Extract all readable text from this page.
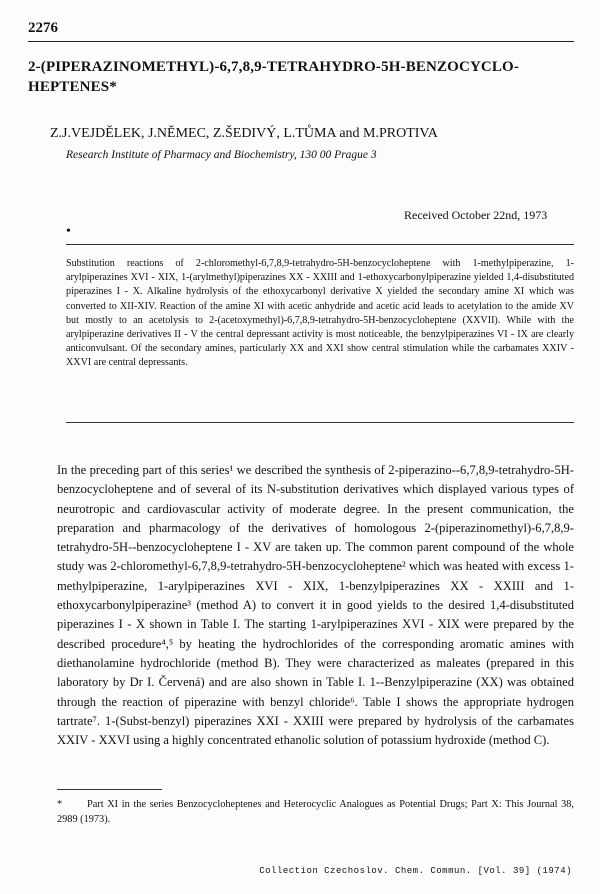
2276
2-(PIPERAZINOMETHYL)-6,7,8,9-TETRAHYDRO-5H-BENZOCYCLO-HEPTENES*
Z.J.VEJDĚLEK, J.NĚMEC, Z.ŠEDIVÝ, L.TŮMA and M.PROTIVA
Research Institute of Pharmacy and Biochemistry, 130 00 Prague 3
Received October 22nd, 1973
•
Substitution reactions of 2-chloromethyl-6,7,8,9-tetrahydro-5H-benzocycloheptene with 1-methylpiperazine, 1-arylpiperazines XVI - XIX, 1-(arylmethyl)piperazines XX - XXIII and 1-ethoxycarbonylpiperazine yielded 1,4-disubstituted piperazines I - X. Alkaline hydrolysis of the ethoxycarbonyl derivative X yielded the secondary amine XI which was converted to XII-XIV. Reaction of the amine XI with acetic anhydride and acetic acid leads to acetylation to the amide XV but mostly to an acetolysis to 2-(acetoxymethyl)-6,7,8,9-tetrahydro-5H-benzocycloheptene (XXVII). While with the arylpiperazine derivatives II - V the central depressant activity is most noticeable, the benzylpiperazines VI - IX are clearly anticonvulsant. Of the secondary amines, particularly XX and XXI show central stimulation while the carbamates XXIV - XXVI are central depressants.

In the preceding part of this series¹ we described the synthesis of 2-piperazino--6,7,8,9-tetrahydro-5H-benzocycloheptene and of several of its N-substitution derivatives which displayed various types of neurotropic and cardiovascular activity of moderate degree. In the present communication, the preparation and pharmacology of the derivatives of homologous 2-(piperazinomethyl)-6,7,8,9-tetrahydro-5H--benzocycloheptene I - XV are taken up. The common parent compound of the whole study was 2-chloromethyl-6,7,8,9-tetrahydro-5H-benzocycloheptene² which was heated with excess 1-methylpiperazine, 1-arylpiperazines XVI - XIX, 1-benzylpiperazines XX - XXIII and 1-ethoxycarbonylpiperazine³ (method A) to convert it in good yields to the desired 1,4-disubstituted piperazines I - X shown in Table I. The starting 1-arylpiperazines XVI - XIX were prepared by the described procedure⁴,⁵ by heating the hydrochlorides of the corresponding aromatic amines with diethanolamine hydrochloride (method B). They were characterized as maleates (prepared in this laboratory by Dr I. Červená) and are also shown in Table I. 1--Benzylpiperazine (XX) was obtained through the reaction of piperazine with benzyl chloride⁶. Table I shows the appropriate hydrogen tartrate⁷. 1-(Subst-benzyl) piperazines XXI - XXIII were prepared by hydrolysis of the carbamates XXIV - XXVI using a highly concentrated ethanolic solution of potassium hydroxide (method C).

* Part XI in the series Benzocycloheptenes and Heterocyclic Analogues as Potential Drugs; Part X: This Journal 38, 2989 (1973).
Collection Czechoslov. Chem. Commun. [Vol. 39] (1974)
